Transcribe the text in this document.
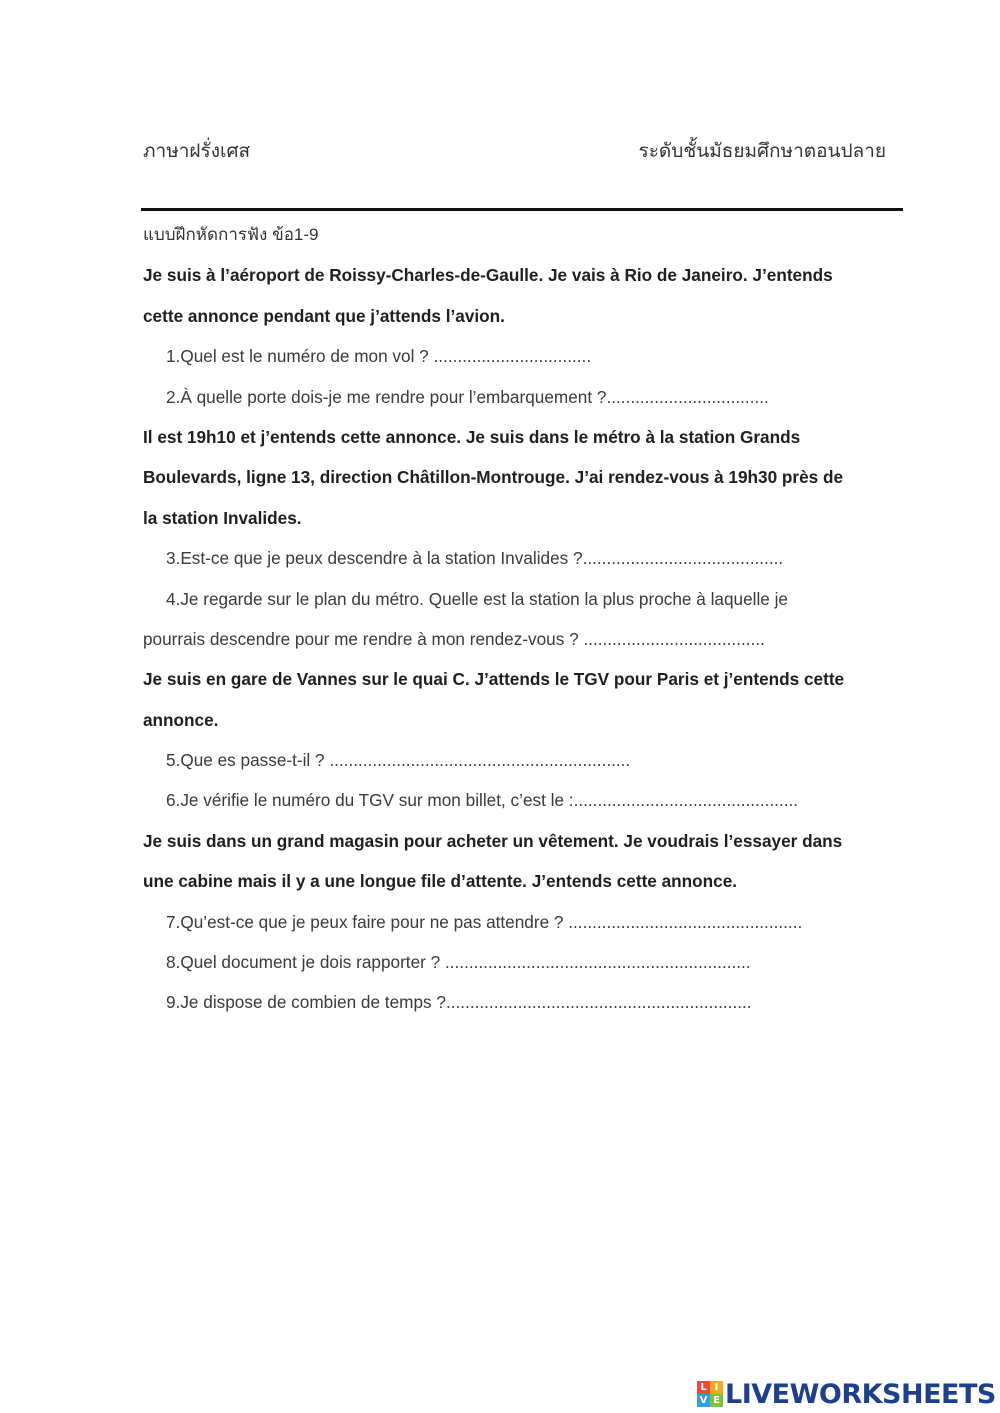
ภาษาฝรั่งเศส	ระดับชั้นมัธยมศึกษาตอนปลาย
แบบฝึกหัดการฟัง ข้อ1-9
Je suis à l’aéroport de Roissy-Charles-de-Gaulle. Je vais à Rio de Janeiro. J’entends
cette annonce pendant que j’attends l’avion.
1.Quel est le numéro de mon vol ? .................................
2.À quelle porte dois-je me rendre pour l’embarquement ?..................................
Il est 19h10 et j’entends cette annonce. Je suis dans le métro à la station Grands
Boulevards, ligne 13, direction Châtillon-Montrouge. J’ai rendez-vous à 19h30 près de
la station Invalides.
3.Est-ce que je peux descendre à la station Invalides ?..........................................
4.Je regarde sur le plan du métro. Quelle est la station la plus proche à laquelle je
pourrais descendre pour me rendre à mon rendez-vous ? ......................................
Je suis en gare de Vannes sur le quai C. J’attends le TGV pour Paris et j’entends cette
annonce.
5.Que es passe-t-il ? ...............................................................
6.Je vérifie le numéro du TGV sur mon billet, c’est le :...............................................
Je suis dans un grand magasin pour acheter un vêtement. Je voudrais l’essayer dans
une cabine mais il y a une longue file d’attente. J’entends cette annonce.
7.Qu’est-ce que je peux faire pour ne pas attendre ? .................................................
8.Quel document je dois rapporter ? ................................................................
9.Je dispose de combien de temps ?................................................................
L I
V E LIVEWORKSHEETS
